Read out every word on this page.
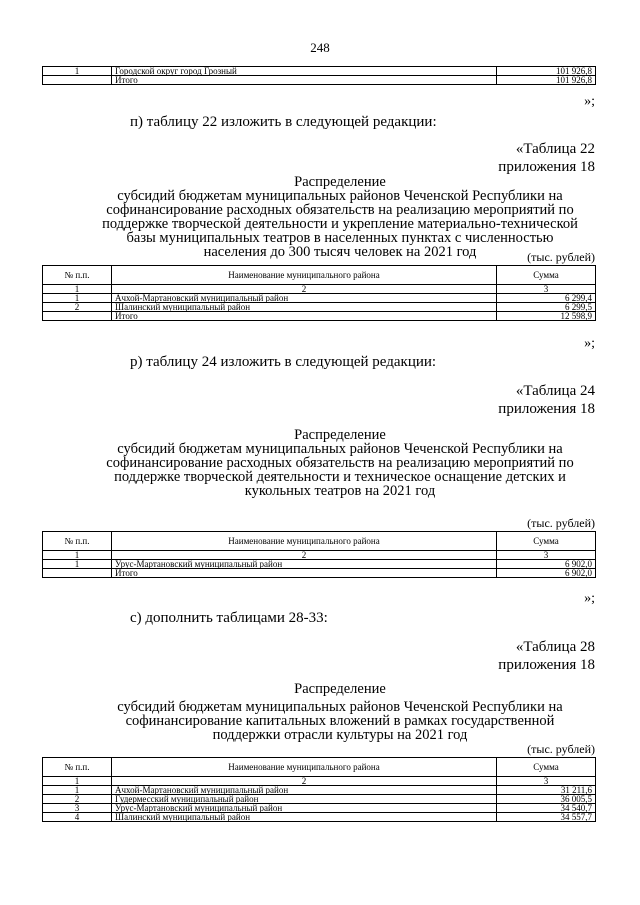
248
1	Городской округ город Грозный	101 926,8
	Итого	101 926,8
»;
п) таблицу 22 изложить в следующей редакции:
«Таблица 22
приложения 18
Распределение
субсидий бюджетам муниципальных районов Чеченской Республики на
софинансирование расходных обязательств на реализацию мероприятий по
поддержке творческой деятельности и укрепление материально-технической
базы муниципальных театров в населенных пунктах с численностью
населения до 300 тысяч человек на 2021 год	(тыс. рублей)
№ п.п.	Наименование муниципального района	Сумма
1	2	3
1	Ачхой-Мартановский муниципальный район	6 299,4
2	Шалинский муниципальный район	6 299,5
	Итого	12 598,9
»;
р) таблицу 24 изложить в следующей редакции:
«Таблица 24
приложения 18
Распределение
субсидий бюджетам муниципальных районов Чеченской Республики на
софинансирование расходных обязательств на реализацию мероприятий по
поддержке творческой деятельности и техническое оснащение детских и
кукольных театров на 2021 год
(тыс. рублей)
№ п.п.	Наименование муниципального района	Сумма
1	2	3
1	Урус-Мартановский муниципальный район	6 902,0
	Итого	6 902,0
»;
с) дополнить таблицами 28-33:
«Таблица 28
приложения 18
Распределение
субсидий бюджетам муниципальных районов Чеченской Республики на
софинансирование капитальных вложений в рамках государственной
поддержки отрасли культуры на 2021 год
(тыс. рублей)
№ п.п.	Наименование муниципального района	Сумма
1	2	3
1	Ачхой-Мартановский муниципальный район	31 211,6
2	Гудермесский муниципальный район	36 005,5
3	Урус-Мартановский муниципальный район	34 540,7
4	Шалинский муниципальный район	34 557,7
